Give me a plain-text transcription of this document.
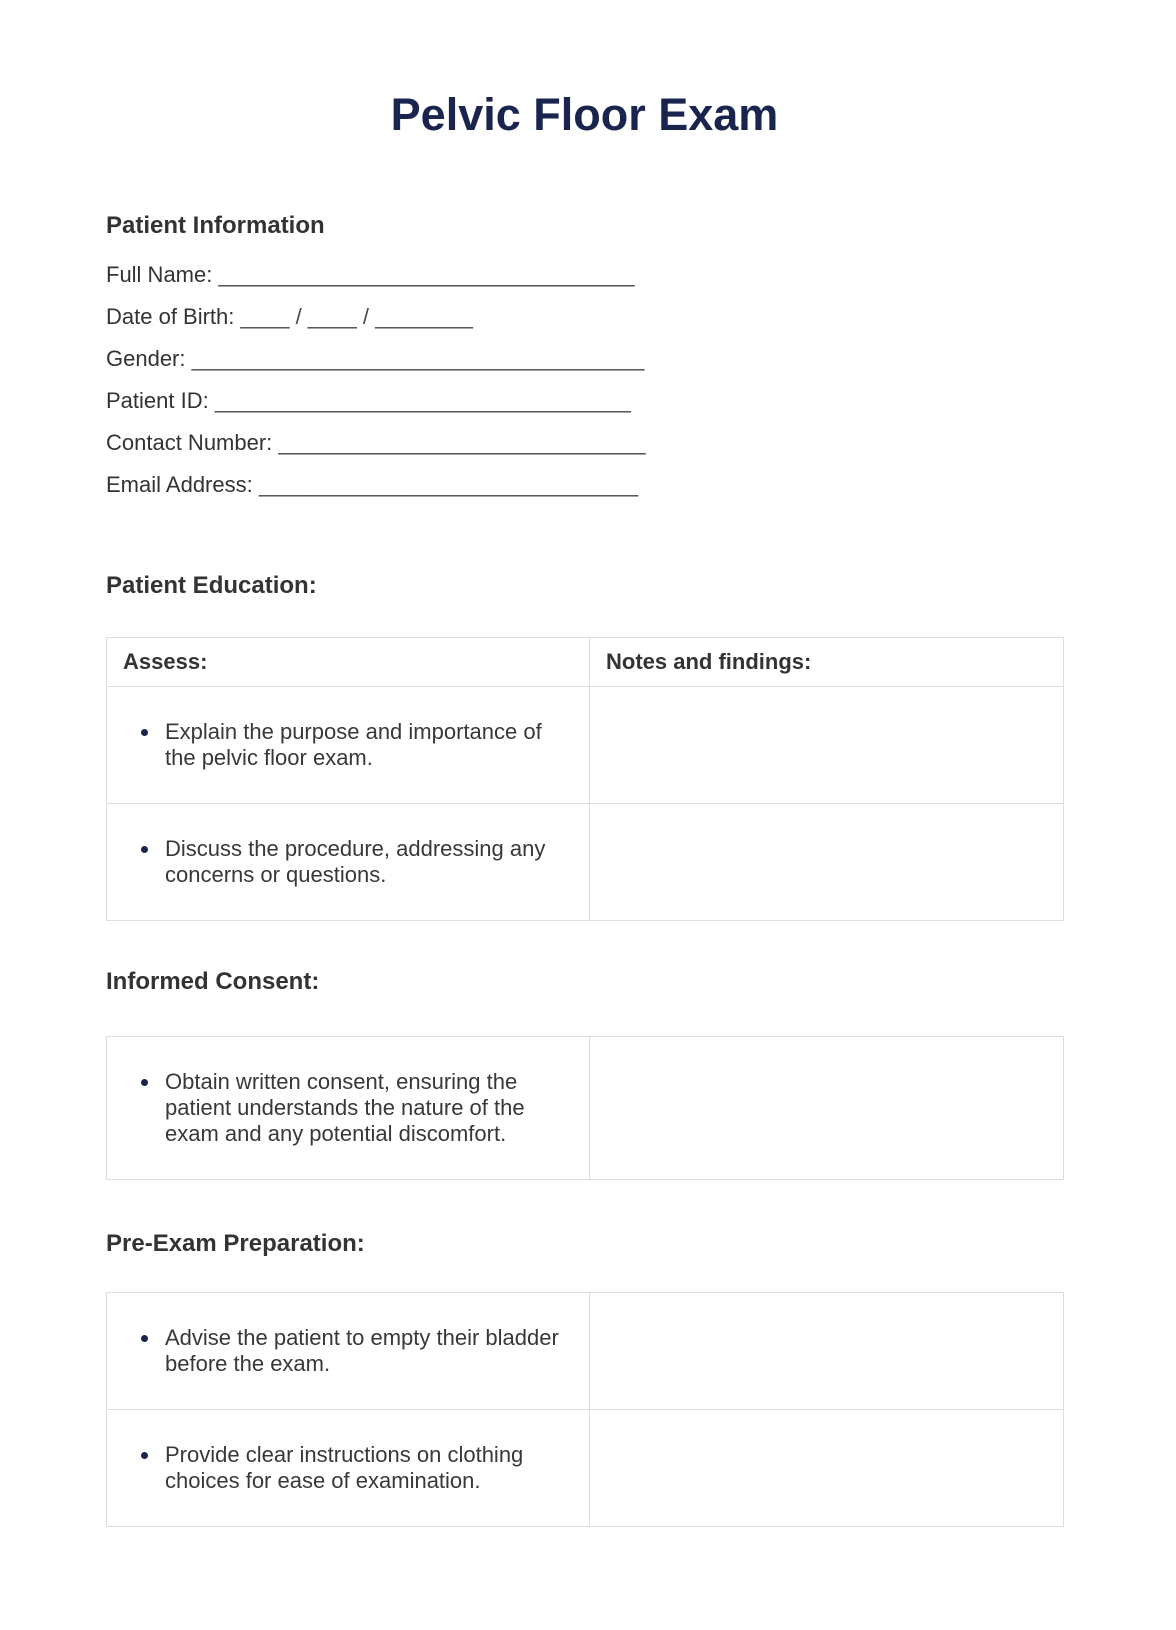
Pelvic Floor Exam
Patient Information
Full Name: __________________________________
Date of Birth: ____ / ____ / ________
Gender: _____________________________________
Patient ID: __________________________________
Contact Number: ______________________________
Email Address: _______________________________
Patient Education:
Assess:	Notes and findings:

Explain the purpose and importance of the pelvic floor exam.	

Discuss the procedure, addressing any concerns or questions.	

Informed Consent:
Obtain written consent, ensuring the patient understands the nature of the exam and any potential discomfort.

Pre-Exam Preparation:
Advise the patient to empty their bladder before the exam.	

Provide clear instructions on clothing choices for ease of examination.	
